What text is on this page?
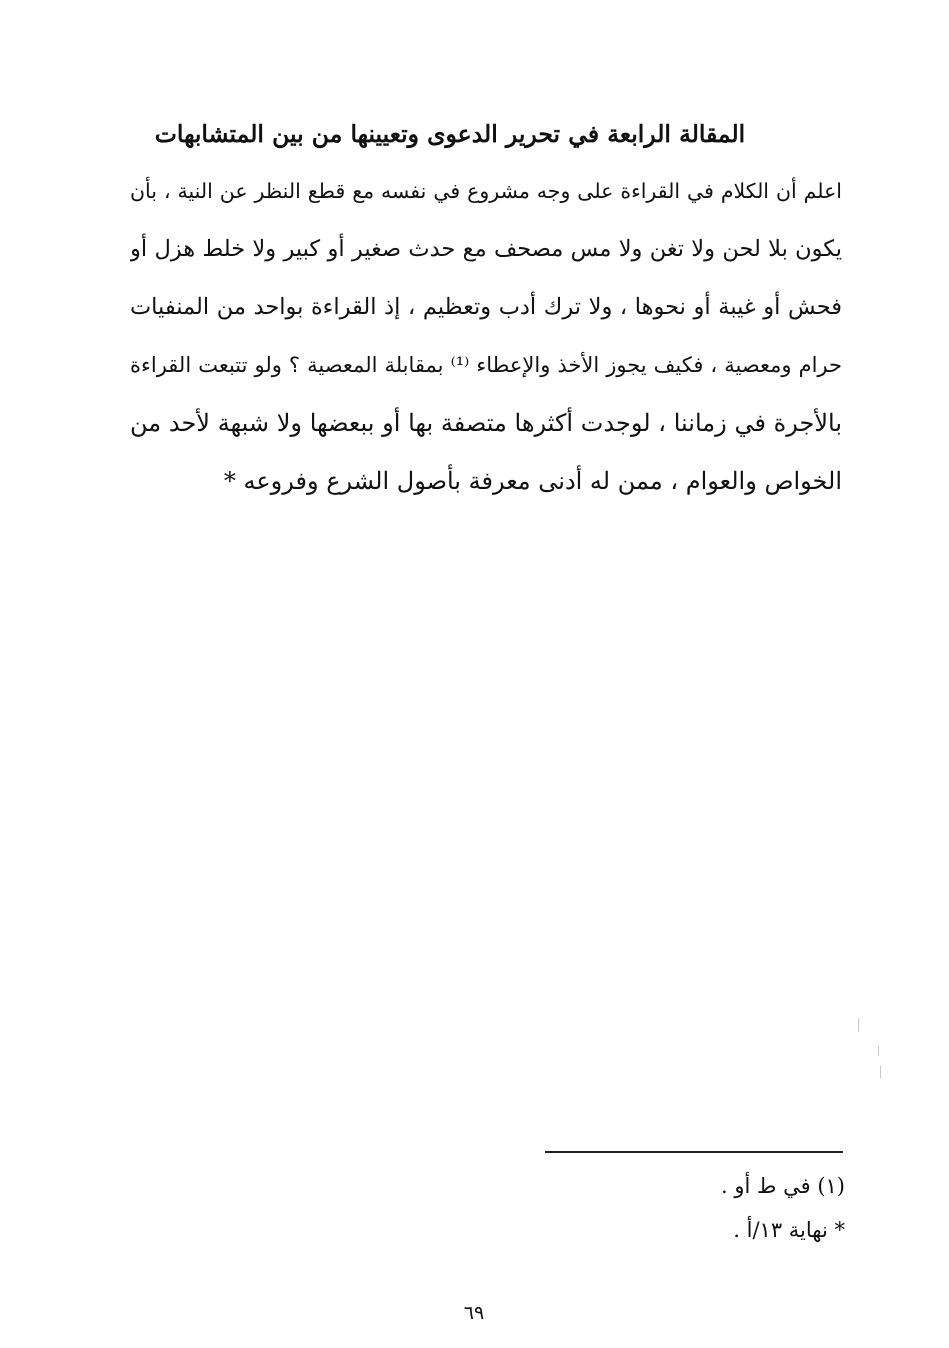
المقالة الرابعة في تحرير الدعوى وتعيينها من بين المتشابهات
اعلم أن الكلام في القراءة على وجه مشروع في نفسه مع قطع النظر عن النية ، بأن
يكون بلا لحن ولا تغن ولا مس مصحف مع حدث صغير أو كبير ولا خلط هزل أو
فحش أو غيبة أو نحوها ، ولا ترك أدب وتعظيم ، إذ القراءة بواحد من المنفيات
حرام ومعصية ، فكيف يجوز الأخذ والإعطاء ⁽¹⁾ بمقابلة المعصية ؟ ولو تتبعت القراءة
بالأجرة في زماننا ، لوجدت أكثرها متصفة بها أو ببعضها ولا شبهة لأحد من
الخواص والعوام ، ممن له أدنى معرفة بأصول الشرع وفروعه *
(١) في ط أو .
* نهاية ١٣/أ .
٦٩
